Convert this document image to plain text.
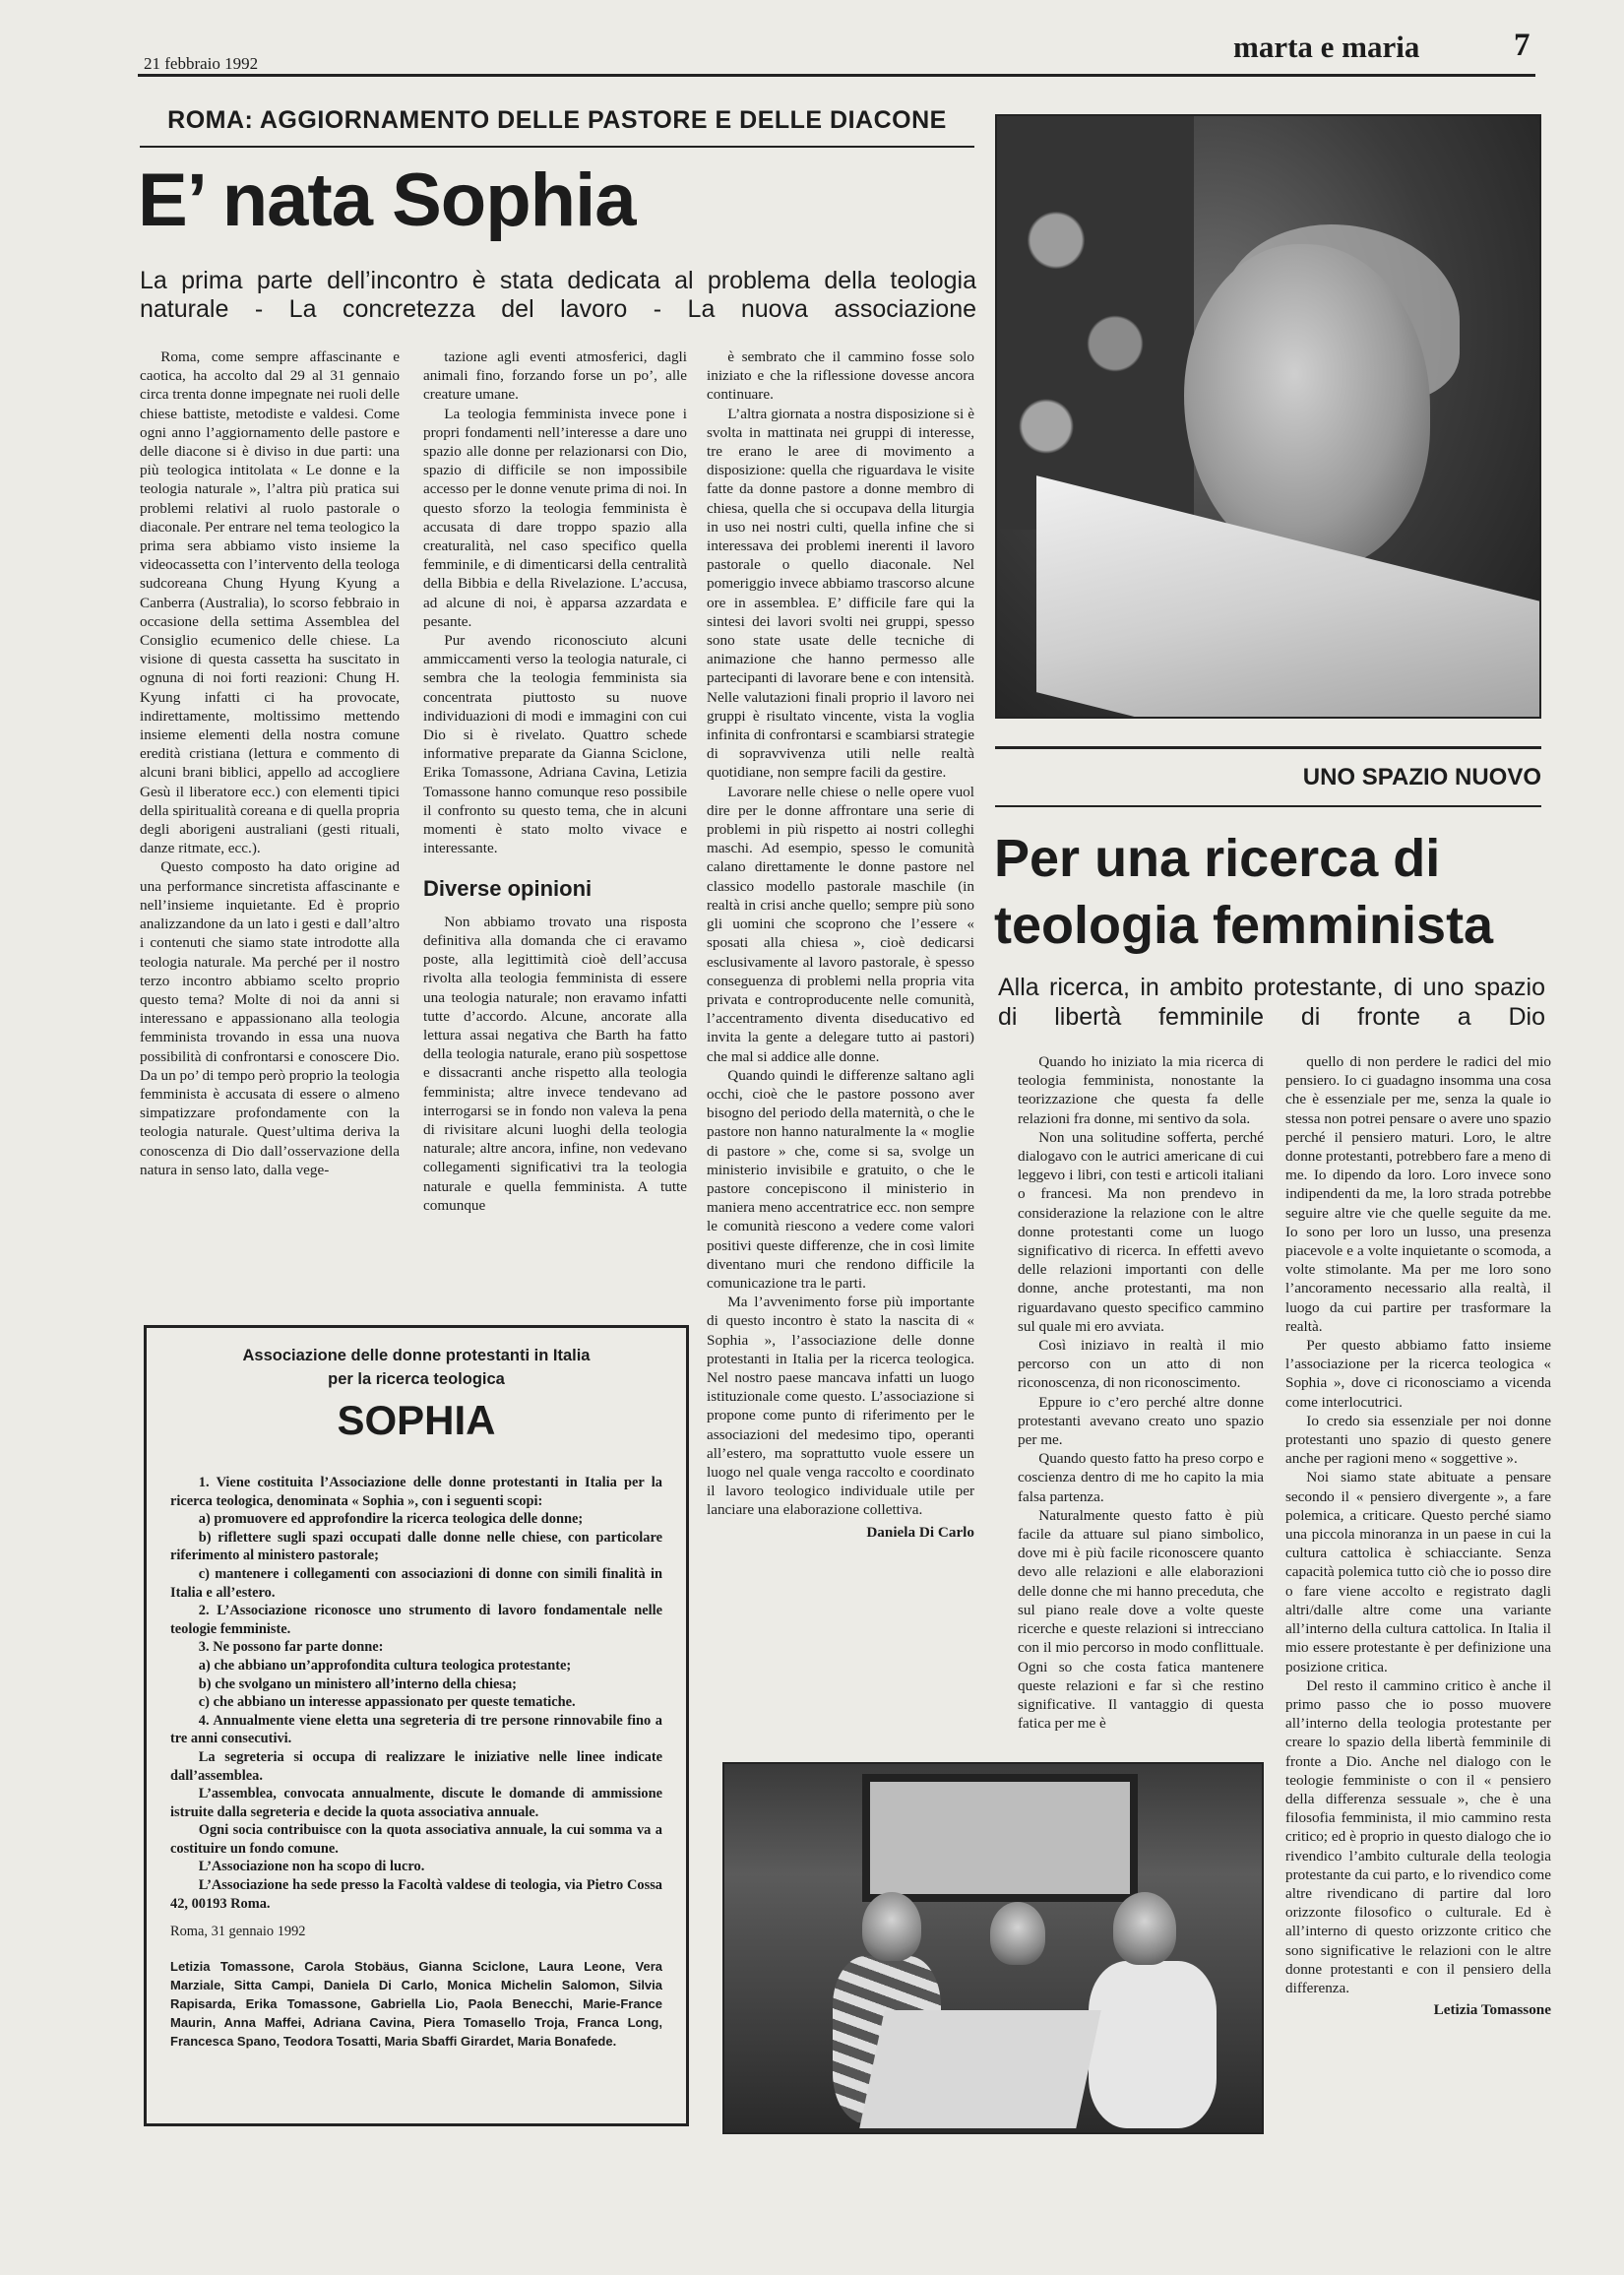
21 febbraio 1992	marta e maria	7
ROMA: AGGIORNAMENTO DELLE PASTORE E DELLE DIACONE
E’ nata Sophia
La prima parte dell’incontro è stata dedicata al problema della teologia naturale - La concretezza del lavoro - La nuova associazione

Roma, come sempre affascinante e caotica, ha accolto dal 29 al 31 gennaio circa trenta donne impegnate nei ruoli delle chiese battiste, metodiste e valdesi. Come ogni anno l’aggiornamento delle pastore e delle diacone si è diviso in due parti: una più teologica intitolata « Le donne e la teologia naturale », l’altra più pratica sui problemi relativi al ruolo pastorale o diaconale. Per entrare nel tema teologico la prima sera abbiamo visto insieme la videocassetta con l’intervento della teologa sudcoreana Chung Hyung Kyung a Canberra (Australia), lo scorso febbraio in occasione della settima Assemblea del Consiglio ecumenico delle chiese. La visione di questa cassetta ha suscitato in ognuna di noi forti reazioni: Chung H. Kyung infatti ci ha provocate, indirettamente, moltissimo mettendo insieme elementi della nostra comune eredità cristiana (lettura e commento di alcuni brani biblici, appello ad accogliere Gesù il liberatore ecc.) con elementi tipici della spiritualità coreana e di quella propria degli aborigeni australiani (gesti rituali, danze ritmate, ecc.).

Questo composto ha dato origine ad una performance sincretista affascinante e nell’insieme inquietante. Ed è proprio analizzandone da un lato i gesti e dall’altro i contenuti che siamo state introdotte alla teologia naturale. Ma perché per il nostro terzo incontro abbiamo scelto proprio questo tema? Molte di noi da anni si interessano e appassionano alla teologia femminista trovando in essa una nuova possibilità di confrontarsi e conoscere Dio. Da un po’ di tempo però proprio la teologia femminista è accusata di essere o almeno simpatizzare profondamente con la teologia naturale. Quest’ultima deriva la conoscenza di Dio dall’osservazione della natura in senso lato, dalla vege-

tazione agli eventi atmosferici, dagli animali fino, forzando forse un po’, alle creature umane.

La teologia femminista invece pone i propri fondamenti nell’interesse a dare uno spazio alle donne per relazionarsi con Dio, spazio di difficile se non impossibile accesso per le donne venute prima di noi. In questo sforzo la teologia femminista è accusata di dare troppo spazio alla creaturalità, nel caso specifico quella femminile, e di dimenticarsi della centralità della Bibbia e della Rivelazione. L’accusa, ad alcune di noi, è apparsa azzardata e pesante.

Pur avendo riconosciuto alcuni ammiccamenti verso la teologia naturale, ci sembra che la teologia femminista sia concentrata piuttosto su nuove individuazioni di modi e immagini con cui Dio si è rivelato. Quattro schede informative preparate da Gianna Sciclone, Erika Tomassone, Adriana Cavina, Letizia Tomassone hanno comunque reso possibile il confronto su questo tema, che in alcuni momenti è stato molto vivace e interessante.

Diverse opinioni

Non abbiamo trovato una risposta definitiva alla domanda che ci eravamo poste, alla legittimità cioè dell’accusa rivolta alla teologia femminista di essere una teologia naturale; non eravamo infatti tutte d’accordo. Alcune, ancorate alla lettura assai negativa che Barth ha fatto della teologia naturale, erano più sospettose e dissacranti anche rispetto alla teologia femminista; altre invece tendevano ad interrogarsi se in fondo non valeva la pena di rivisitare alcuni luoghi della teologia naturale; altre ancora, infine, non vedevano collegamenti significativi tra la teologia naturale e quella femminista. A tutte comunque

è sembrato che il cammino fosse solo iniziato e che la riflessione dovesse ancora continuare.

L’altra giornata a nostra disposizione si è svolta in mattinata nei gruppi di interesse, tre erano le aree di movimento a disposizione: quella che riguardava le visite fatte da donne pastore a donne membro di chiesa, quella che si occupava della liturgia in uso nei nostri culti, quella infine che si interessava dei problemi inerenti il lavoro pastorale o quello diaconale. Nel pomeriggio invece abbiamo trascorso alcune ore in assemblea. E’ difficile fare qui la sintesi dei lavori svolti nei gruppi, spesso sono state usate delle tecniche di animazione che hanno permesso alle partecipanti di lavorare bene e con intensità. Nelle valutazioni finali proprio il lavoro nei gruppi è risultato vincente, vista la voglia infinita di confrontarsi e scambiarsi strategie di sopravvivenza utili nelle realtà quotidiane, non sempre facili da gestire.

Lavorare nelle chiese o nelle opere vuol dire per le donne affrontare una serie di problemi in più rispetto ai nostri colleghi maschi. Ad esempio, spesso le comunità calano direttamente le donne pastore nel classico modello pastorale maschile (in realtà in crisi anche quello; sempre più sono gli uomini che scoprono che l’essere « sposati alla chiesa », cioè dedicarsi esclusivamente al lavoro pastorale, è spesso conseguenza di problemi nella propria vita privata e controproducente nelle comunità, l’accentramento diventa diseducativo ed invita la gente a delegare tutto ai pastori) che mal si addice alle donne.

Quando quindi le differenze saltano agli occhi, cioè che le pastore possono aver bisogno del periodo della maternità, o che le pastore non hanno naturalmente la « moglie di pastore » che, come si sa, svolge un ministerio invisibile e gratuito, o che le pastore concepiscono il ministerio in maniera meno accentratrice ecc. non sempre le comunità riescono a vedere come valori positivi queste differenze, che in così limite diventano muri che rendono difficile la comunicazione tra le parti.

Ma l’avvenimento forse più importante di questo incontro è stato la nascita di « Sophia », l’associazione delle donne protestanti in Italia per la ricerca teologica. Nel nostro paese mancava infatti un luogo istituzionale come questo. L’associazione si propone come punto di riferimento per le associazioni del medesimo tipo, operanti all’estero, ma soprattutto vuole essere un luogo nel quale venga raccolto e coordinato il lavoro teologico individuale utile per lanciare una elaborazione collettiva.

Daniela Di Carlo

Associazione delle donne protestanti in Italia
per la ricerca teologica
SOPHIA

1. Viene costituita l’Associazione delle donne protestanti in Italia per la ricerca teologica, denominata « Sophia », con i seguenti scopi:

a) promuovere ed approfondire la ricerca teologica delle donne;

b) riflettere sugli spazi occupati dalle donne nelle chiese, con particolare riferimento al ministero pastorale;

c) mantenere i collegamenti con associazioni di donne con simili finalità in Italia e all’estero.

2. L’Associazione riconosce uno strumento di lavoro fondamentale nelle teologie femministe.

3. Ne possono far parte donne:

a) che abbiano un’approfondita cultura teologica protestante;

b) che svolgano un ministero all’interno della chiesa;

c) che abbiano un interesse appassionato per queste tematiche.

4. Annualmente viene eletta una segreteria di tre persone rinnovabile fino a tre anni consecutivi.

La segreteria si occupa di realizzare le iniziative nelle linee indicate dall’assemblea.

L’assemblea, convocata annualmente, discute le domande di ammissione istruite dalla segreteria e decide la quota associativa annuale.

Ogni socia contribuisce con la quota associativa annuale, la cui somma va a costituire un fondo comune.

L’Associazione non ha scopo di lucro.

L’Associazione ha sede presso la Facoltà valdese di teologia, via Pietro Cossa 42, 00193 Roma.

Roma, 31 gennaio 1992

Letizia Tomassone, Carola Stobäus, Gianna Sciclone, Laura Leone, Vera Marziale, Sitta Campi, Daniela Di Carlo, Monica Michelin Salomon, Silvia Rapisarda, Erika Tomassone, Gabriella Lio, Paola Benecchi, Marie-France Maurin, Anna Maffei, Adriana Cavina, Piera Tomasello Troja, Franca Long, Francesca Spano, Teodora Tosatti, Maria Sbaffi Girardet, Maria Bonafede.

UNO SPAZIO NUOVO
Per una ricerca di
teologia femminista
Alla ricerca, in ambito protestante, di uno spazio di libertà femminile di fronte a Dio

Quando ho iniziato la mia ricerca di teologia femminista, nonostante la teorizzazione che questa fa delle relazioni fra donne, mi sentivo da sola.

Non una solitudine sofferta, perché dialogavo con le autrici americane di cui leggevo i libri, con testi e articoli italiani o francesi. Ma non prendevo in considerazione la relazione con le altre donne protestanti come un luogo significativo di ricerca. In effetti avevo delle relazioni importanti con delle donne, anche protestanti, ma non riguardavano questo specifico cammino sul quale mi ero avviata.

Così iniziavo in realtà il mio percorso con un atto di non riconoscenza, di non riconoscimento.

Eppure io c’ero perché altre donne protestanti avevano creato uno spazio per me.

Quando questo fatto ha preso corpo e coscienza dentro di me ho capito la mia falsa partenza.

Naturalmente questo fatto è più facile da attuare sul piano simbolico, dove mi è più facile riconoscere quanto devo alle relazioni e alle elaborazioni delle donne che mi hanno preceduta, che sul piano reale dove a volte queste ricerche e queste relazioni si intrecciano con il mio percorso in modo conflittuale. Ogni so che costa fatica mantenere queste relazioni e far sì che restino significative. Il vantaggio di questa fatica per me è

quello di non perdere le radici del mio pensiero. Io ci guadagno insomma una cosa che è essenziale per me, senza la quale io stessa non potrei pensare o avere uno spazio perché il pensiero maturi. Loro, le altre donne protestanti, potrebbero fare a meno di me. Io dipendo da loro. Loro invece sono indipendenti da me, la loro strada potrebbe seguire altre vie che quelle seguite da me. Io sono per loro un lusso, una presenza piacevole e a volte inquietante o scomoda, a volte stimolante. Ma per me loro sono l’ancoramento necessario alla realtà, il luogo da cui partire per trasformare la realtà.

Per questo abbiamo fatto insieme l’associazione per la ricerca teologica « Sophia », dove ci riconosciamo a vicenda come interlocutrici.

Io credo sia essenziale per noi donne protestanti uno spazio di questo genere anche per ragioni meno « soggettive ».

Noi siamo state abituate a pensare secondo il « pensiero divergente », a fare polemica, a criticare. Questo perché siamo una piccola minoranza in un paese in cui la cultura cattolica è schiacciante. Senza capacità polemica tutto ciò che io posso dire o fare viene accolto e registrato dagli altri/dalle altre come una variante all’interno della cultura cattolica. In Italia il mio essere protestante è per definizione una posizione critica.

Del resto il cammino critico è anche il primo passo che io posso muovere all’interno della teologia protestante per creare lo spazio della libertà femminile di fronte a Dio. Anche nel dialogo con le teologie femministe o con il « pensiero della differenza sessuale », che è una filosofia femminista, il mio cammino resta critico; ed è proprio in questo dialogo che io rivendico l’ambito culturale della teologia protestante da cui parto, e lo rivendico come altre rivendicano di partire dal loro orizzonte filosofico o culturale. Ed è all’interno di questo orizzonte critico che sono significative le relazioni con le altre donne protestanti e con il pensiero della differenza.

Letizia Tomassone
